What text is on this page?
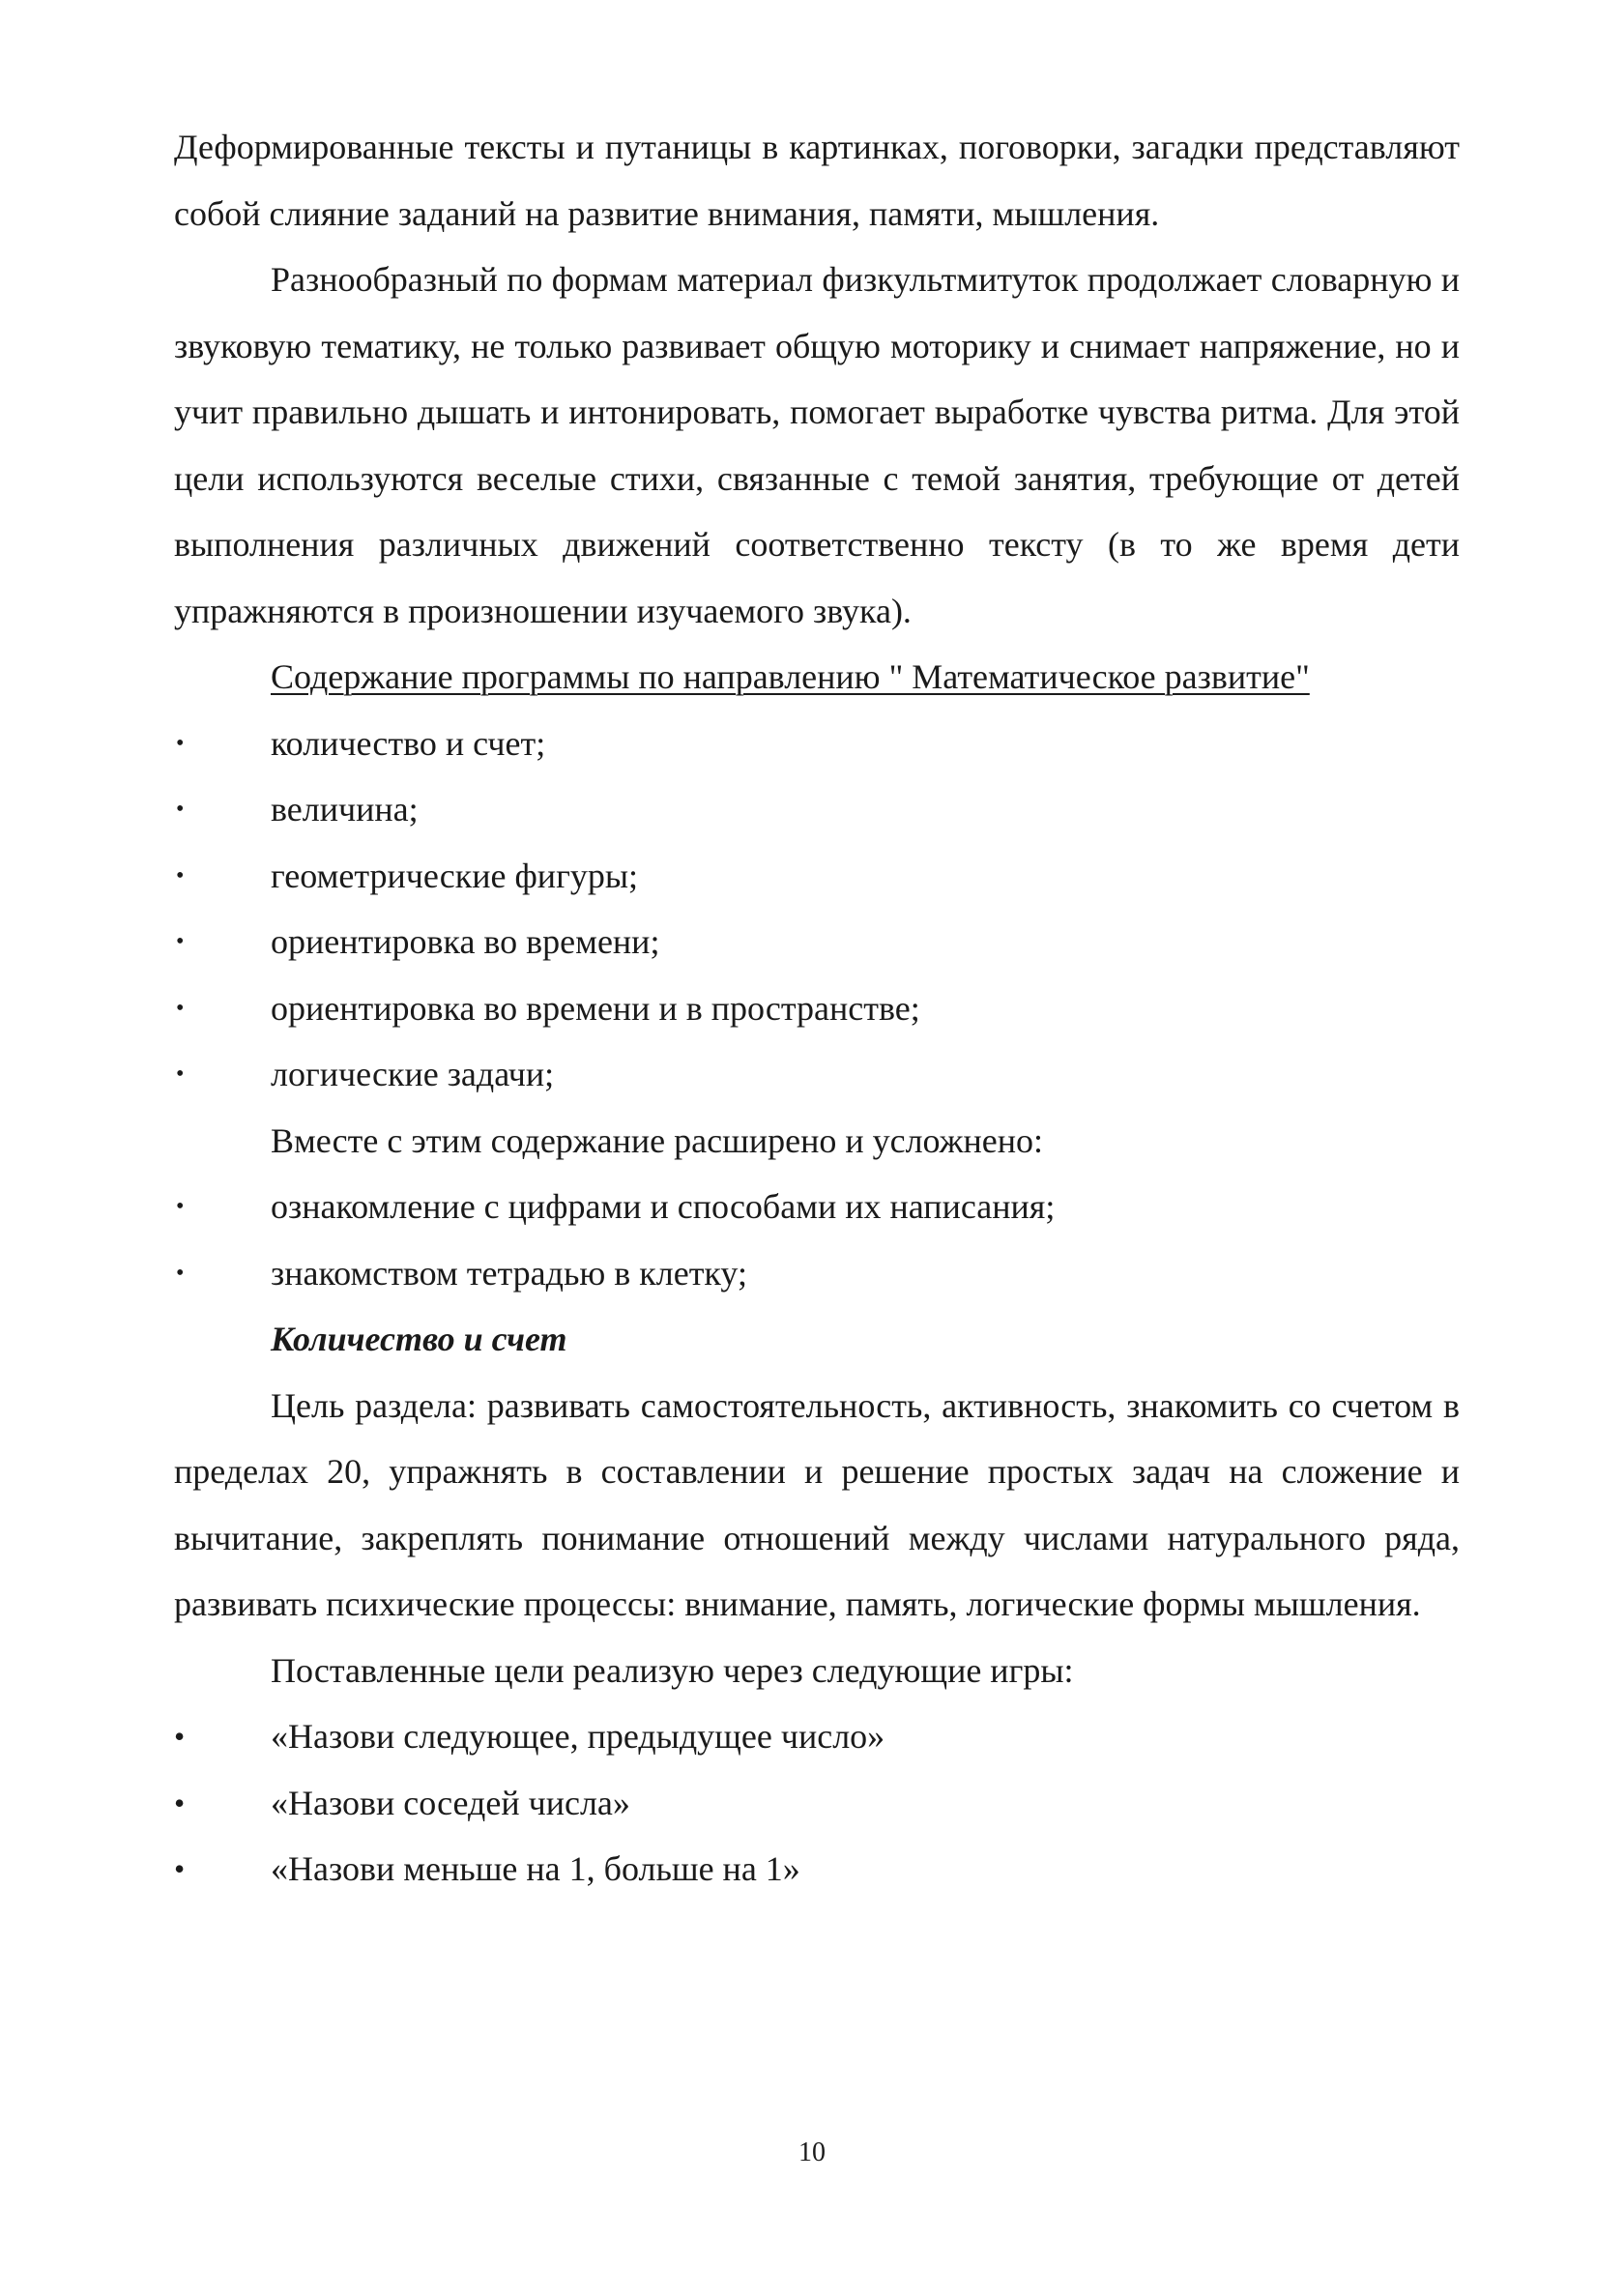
Деформированные тексты и путаницы в картинках, поговорки, загадки представляют собой слияние заданий на развитие внимания, памяти, мышления.

Разнообразный по формам материал физкультмитуток продолжает словарную и звуковую тематику, не только развивает общую моторику и снимает напряжение, но и учит правильно дышать и интонировать, помогает выработке чувства ритма. Для этой цели используются веселые стихи, связанные с темой занятия, требующие от детей выполнения различных движений соответственно тексту (в то же время дети упражняются в произношении изучаемого звука).

Содержание программы по направлению " Математическое развитие"

• количество и счет;
• величина;
• геометрические фигуры;
• ориентировка во времени;
• ориентировка во времени и в пространстве;
• логические задачи;

Вместе с этим содержание расширено и усложнено:

• ознакомление с цифрами и способами их написания;
• знакомством тетрадью в клетку;

Количество и счет

Цель раздела: развивать самостоятельность, активность, знакомить со счетом в пределах 20, упражнять в составлении и решение простых задач на сложение и вычитание, закреплять понимание отношений между числами натурального ряда, развивать психические процессы: внимание, память, логические формы мышления.

Поставленные цели реализую через следующие игры:

• «Назови следующее, предыдущее число»
• «Назови соседей числа»
• «Назови меньше на 1, больше на 1»
10
